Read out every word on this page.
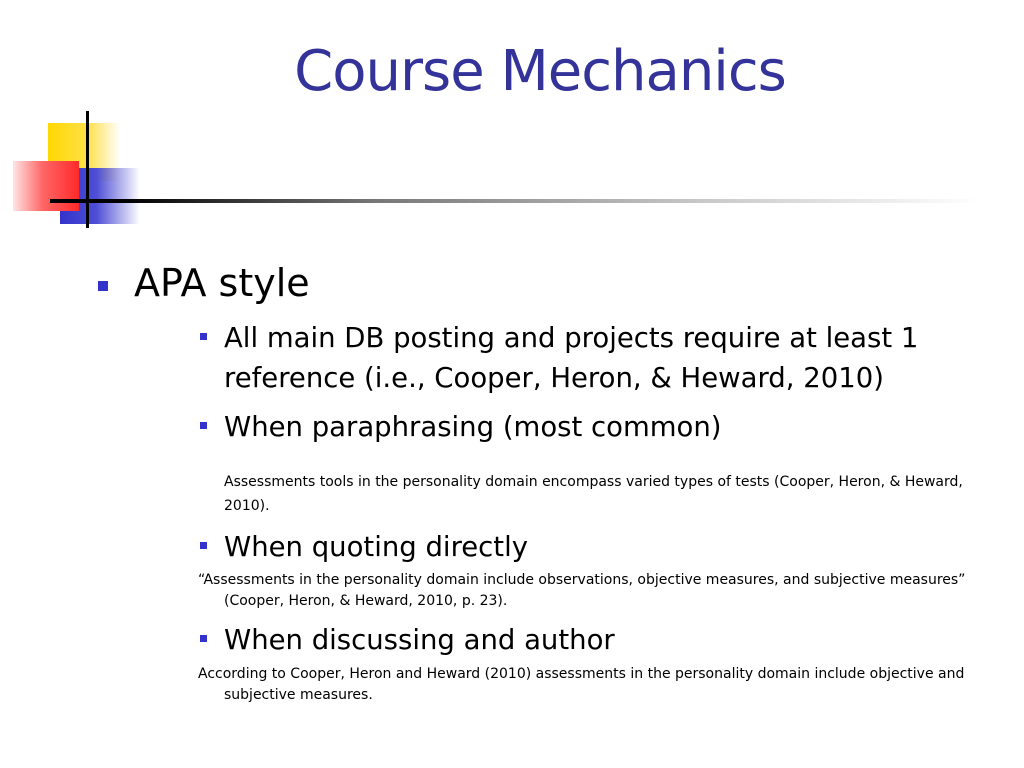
Course Mechanics
APA style
All main DB posting and projects require at least 1 reference (i.e., Cooper, Heron, & Heward, 2010)
When paraphrasing (most common)
Assessments tools in the personality domain encompass varied types of tests (Cooper, Heron, & Heward, 2010).
When quoting directly
“Assessments in the personality domain include observations, objective measures, and subjective measures” (Cooper, Heron, & Heward, 2010, p. 23).
When discussing and author
According to Cooper, Heron and Heward (2010) assessments in the personality domain include objective and subjective measures.
